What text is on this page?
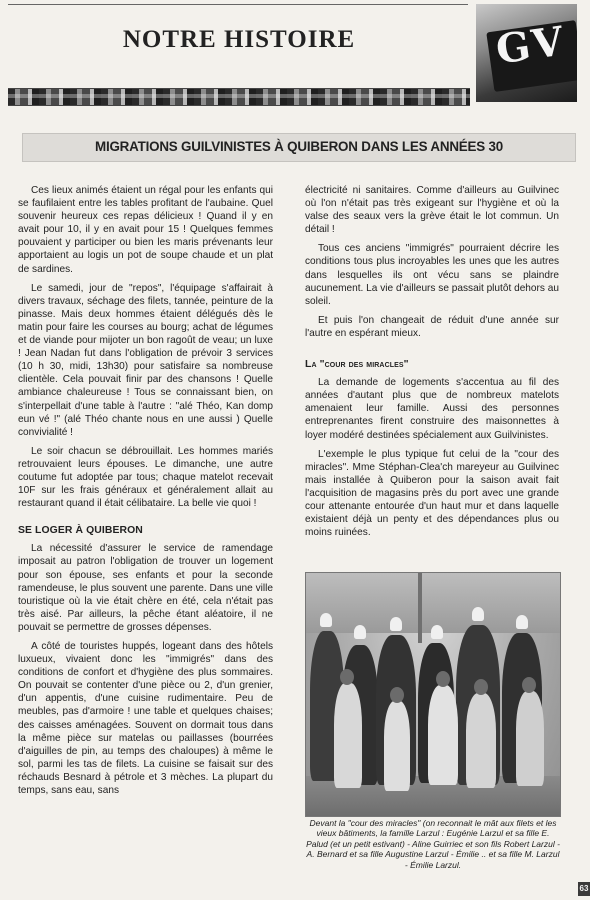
NOTRE HISTOIRE	GV
MIGRATIONS GUILVINISTES À QUIBERON DANS LES ANNÉES 30

Ces lieux animés étaient un régal pour les enfants qui se faufilaient entre les tables profitant de l'aubaine. Quel souvenir heureux ces repas délicieux ! Quand il y en avait pour 10, il y en avait pour 15 ! Quelques femmes pouvaient y participer ou bien les maris prévenants leur apportaient au logis un pot de soupe chaude et un plat de sardines.

Le samedi, jour de "repos", l'équipage s'affairait à divers travaux, séchage des filets, tannée, peinture de la pinasse. Mais deux hommes étaient délégués dès le matin pour faire les courses au bourg; achat de légumes et de viande pour mijoter un bon ragoût de veau; un luxe ! Jean Nadan fut dans l'obligation de prévoir 3 services (10 h 30, midi, 13h30) pour satisfaire sa nombreuse clientèle. Cela pouvait finir par des chansons ! Quelle ambiance chaleureuse ! Tous se connaissant bien, on s'interpellait d'une table à l'autre : "alé Théo, Kan domp eun vé !" (alé Théo chante nous en une aussi ) Quelle convivialité !

Le soir chacun se débrouillait. Les hommes mariés retrouvaient leurs épouses. Le dimanche, une autre coutume fut adoptée par tous; chaque matelot recevait 10F sur les frais généraux et généralement allait au restaurant quand il était célibataire. La belle vie quoi !

SE LOGER À QUIBERON

La nécessité d'assurer le service de ramendage imposait au patron l'obligation de trouver un logement pour son épouse, ses enfants et pour la seconde ramendeuse, le plus souvent une parente. Dans une ville touristique où la vie était chère en été, cela n'était pas très aisé. Par ailleurs, la pêche étant aléatoire, il ne pouvait se permettre de grosses dépenses.

A côté de touristes huppés, logeant dans des hôtels luxueux, vivaient donc les "immigrés" dans des conditions de confort et d'hygiène des plus sommaires. On pouvait se contenter d'une pièce ou 2, d'un grenier, d'un appentis, d'une cuisine rudimentaire. Peu de meubles, pas d'armoire ! une table et quelques chaises; des caisses aménagées. Souvent on dormait tous dans la même pièce sur matelas ou paillasses (bourrées d'aiguilles de pin, au temps des chaloupes) à même le sol, parmi les tas de filets. La cuisine se faisait sur des réchauds Besnard à pétrole et 3 mèches. La plupart du temps, sans eau, sans

électricité ni sanitaires. Comme d'ailleurs au Guilvinec où l'on n'était pas très exigeant sur l'hygiène et où la valse des seaux vers la grève était le lot commun. Un détail !

Tous ces anciens "immigrés" pourraient décrire les conditions tous plus incroyables les unes que les autres dans lesquelles ils ont vécu sans se plaindre aucunement. La vie d'ailleurs se passait plutôt dehors au soleil.

Et puis l'on changeait de réduit d'une année sur l'autre en espérant mieux.

La "cour des miracles"

La demande de logements s'accentua au fil des années d'autant plus que de nombreux matelots amenaient leur famille. Aussi des personnes entreprenantes firent construire des maisonnettes à loyer modéré destinées spécialement aux Guilvinistes.

L'exemple le plus typique fut celui de la "cour des miracles". Mme Stéphan-Clea'ch mareyeur au Guilvinec mais installée à Quiberon pour la saison avait fait l'acquisition de magasins près du port avec une grande cour attenante entourée d'un haut mur et dans laquelle existaient déjà un penty et des dépendances plus ou moins ruinées.

Devant la "cour des miracles" (on reconnait le mât aux filets et les vieux bâtiments, la famille Larzul : Eugénie Larzul et sa fille E. Palud (et un petit estivant) - Aline Guirriec et son fils Robert Larzul - A. Bernard et sa fille Augustine Larzul - Émilie .. et sa fille M. Larzul - Émilie Larzul.
63
